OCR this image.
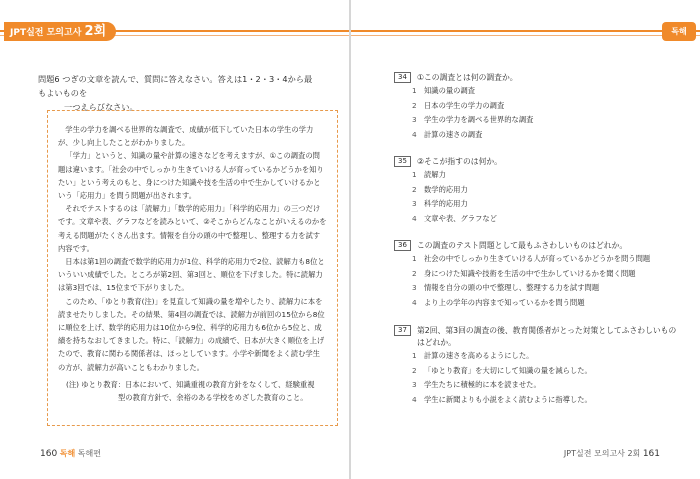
JPT실전 모의고사 2회	독해
問題6 つぎの文章を読んで、質問に答えなさい。答えは1・2・3・4から最もよいものを
一つえらびなさい。

学生の学力を調べる世界的な調査で、成績が低下していた日本の学生の学力が、少し向上したことがわかりました。

「学力」というと、知識の量や計算の速さなどを考えますが、①この調査の問題は違います。「社会の中でしっかり生きていける人が育っているかどうかを知りたい」という考えのもと、身につけた知識や技を生活の中で生かしていけるかという「応用力」を問う問題が出されます。

それでテストするのは「読解力」「数学的応用力」「科学的応用力」の三つだけです。文章や表、グラフなどを読みといて、②そこからどんなことがいえるのかを考える問題がたくさん出ます。情報を自分の頭の中で整理し、整理する力を試す内容です。

日本は第1回の調査で数学的応用力が1位、科学的応用力で2位、読解力も8位といういい成績でした。ところが第2回、第3回と、順位を下げました。特に読解力は第3回では、15位まで下がりました。

このため、「ゆとり教育(注)」を見直して知識の量を増やしたり、読解力に本を読ませたりしました。その結果、第4回の調査では、読解力が前回の15位から8位に順位を上げ、数学的応用力は10位から9位、科学的応用力も6位から5位と、成績を持ちなおしてきました。特に、「読解力」の成績で、日本が大きく順位を上げたので、教育に関わる関係者は、ほっとしています。小学や新聞をよく読む学生の方が、読解力が高いこともわかりました。

(注) ゆとり教育：日本において、知識重視の教育方針をなくして、経験重視

型の教育方針で、余裕のある学校をめざした教育のこと。

160 독해 독해편
34	①この調査とは何の調査か。
1	知識の量の調査
2	日本の学生の学力の調査
3	学生の学力を調べる世界的な調査
4	計算の速さの調査
35	②そこが指すのは何か。
1	読解力
2	数学的応用力
3	科学的応用力
4	文章や表、グラフなど
36	この調査のテスト問題として最もふさわしいものはどれか。
1	社会の中でしっかり生きていける人が育っているかどうかを問う問題
2	身につけた知識や技術を生活の中で生かしていけるかを聞く問題
3	情報を自分の頭の中で整理し、整理する力を試す問題
4	より上の学年の内容まで知っているかを問う問題
37	第2回、第3回の調査の後、教育関係者がとった対策としてふさわしいものはどれか。
1	計算の速さを高めるようにした。
2	「ゆとり教育」を大切にして知識の量を減らした。
3	学生たちに積極的に本を読ませた。
4	学生に新聞よりも小説をよく読むように指導した。
JPT실전 모의고사 2회 161
